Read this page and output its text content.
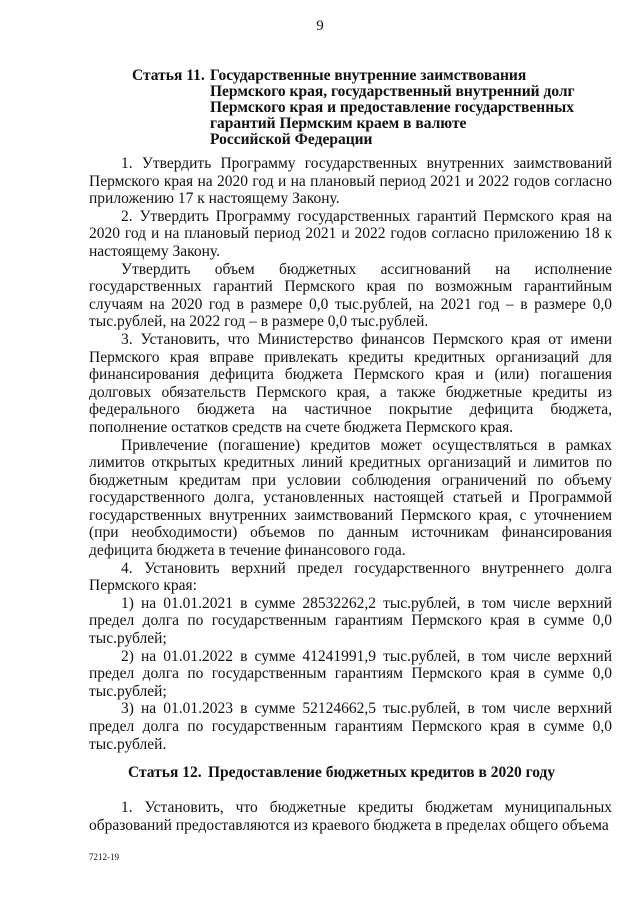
9
Статья 11. Государственные внутренние заимствования
Пермского края, государственный внутренний долг
Пермского края и предоставление государственных
гарантий Пермским краем в валюте
Российской Федерации

1. Утвердить Программу государственных внутренних заимствований Пермского края на 2020 год и на плановый период 2021 и 2022 годов согласно приложению 17 к настоящему Закону.

2. Утвердить Программу государственных гарантий Пермского края на 2020 год и на плановый период 2021 и 2022 годов согласно приложению 18 к настоящему Закону.

Утвердить объем бюджетных ассигнований на исполнение государственных гарантий Пермского края по возможным гарантийным случаям на 2020 год в размере 0,0 тыс.рублей, на 2021 год – в размере 0,0 тыс.рублей, на 2022 год – в размере 0,0 тыс.рублей.

3. Установить, что Министерство финансов Пермского края от имени Пермского края вправе привлекать кредиты кредитных организаций для финансирования дефицита бюджета Пермского края и (или) погашения долговых обязательств Пермского края, а также бюджетные кредиты из федерального бюджета на частичное покрытие дефицита бюджета, пополнение остатков средств на счете бюджета Пермского края.

Привлечение (погашение) кредитов может осуществляться в рамках лимитов открытых кредитных линий кредитных организаций и лимитов по бюджетным кредитам при условии соблюдения ограничений по объему государственного долга, установленных настоящей статьей и Программой государственных внутренних заимствований Пермского края, с уточнением (при необходимости) объемов по данным источникам финансирования дефицита бюджета в течение финансового года.

4. Установить верхний предел государственного внутреннего долга Пермского края:

1) на 01.01.2021 в сумме 28532262,2 тыс.рублей, в том числе верхний предел долга по государственным гарантиям Пермского края в сумме 0,0 тыс.рублей;

2) на 01.01.2022 в сумме 41241991,9 тыс.рублей, в том числе верхний предел долга по государственным гарантиям Пермского края в сумме 0,0 тыс.рублей;

3) на 01.01.2023 в сумме 52124662,5 тыс.рублей, в том числе верхний предел долга по государственным гарантиям Пермского края в сумме 0,0 тыс.рублей.

Статья 12. Предоставление бюджетных кредитов в 2020 году

1. Установить, что бюджетные кредиты бюджетам муниципальных образований предоставляются из краевого бюджета в пределах общего объема

7212-19
